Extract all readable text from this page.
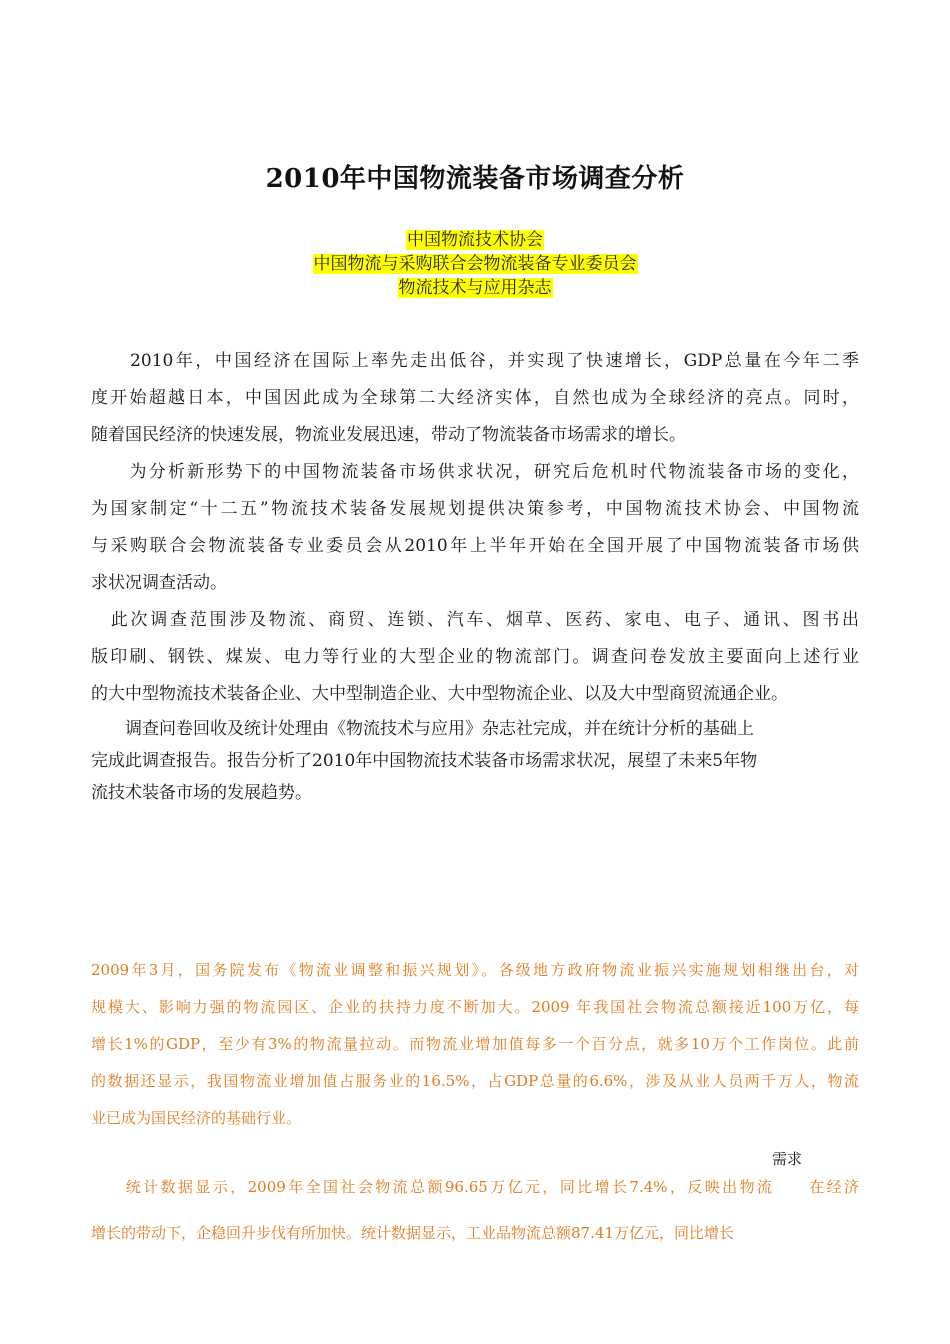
2010年中国物流装备市场调查分析
中国物流技术协会
中国物流与采购联合会物流装备专业委员会
物流技术与应用杂志
　　2010年，中国经济在国际上率先走出低谷，并实现了快速增长，GDP总量在今年二季
度开始超越日本，中国因此成为全球第二大经济实体，自然也成为全球经济的亮点。同时，
随着国民经济的快速发展，物流业发展迅速，带动了物流装备市场需求的增长。
　　为分析新形势下的中国物流装备市场供求状况，研究后危机时代物流装备市场的变化，
为国家制定“十二五”物流技术装备发展规划提供决策参考，中国物流技术协会、中国物流
与采购联合会物流装备专业委员会从2010年上半年开始在全国开展了中国物流装备市场供
求状况调查活动。
　此次调查范围涉及物流、商贸、连锁、汽车、烟草、医药、家电、电子、通讯、图书出
版印刷、钢铁、煤炭、电力等行业的大型企业的物流部门。调查问卷发放主要面向上述行业
的大中型物流技术装备企业、大中型制造企业、大中型物流企业、以及大中型商贸流通企业。
　　调查问卷回收及统计处理由《物流技术与应用》杂志社完成，并在统计分析的基础上
完成此调查报告。报告分析了2010年中国物流技术装备市场需求状况，展望了未来5年物
流技术装备市场的发展趋势。
2009年3月，国务院发布《物流业调整和振兴规划》。各级地方政府物流业振兴实施规划相继出台，对
规模大、影响力强的物流园区、企业的扶持力度不断加大。2009 年我国社会物流总额接近100万亿，每
增长1%的GDP，至少有3%的物流量拉动。而物流业增加值每多一个百分点，就多10万个工作岗位。此前
的数据还显示，我国物流业增加值占服务业的16.5%，占GDP总量的6.6%，涉及从业人员两千万人，物流
业已成为国民经济的基础行业。
需求
　　统计数据显示，2009年全国社会物流总额96.65万亿元，同比增长7.4%，反映出物流　　在经济
增长的带动下，企稳回升步伐有所加快。统计数据显示，工业品物流总额87.41万亿元，同比增长
